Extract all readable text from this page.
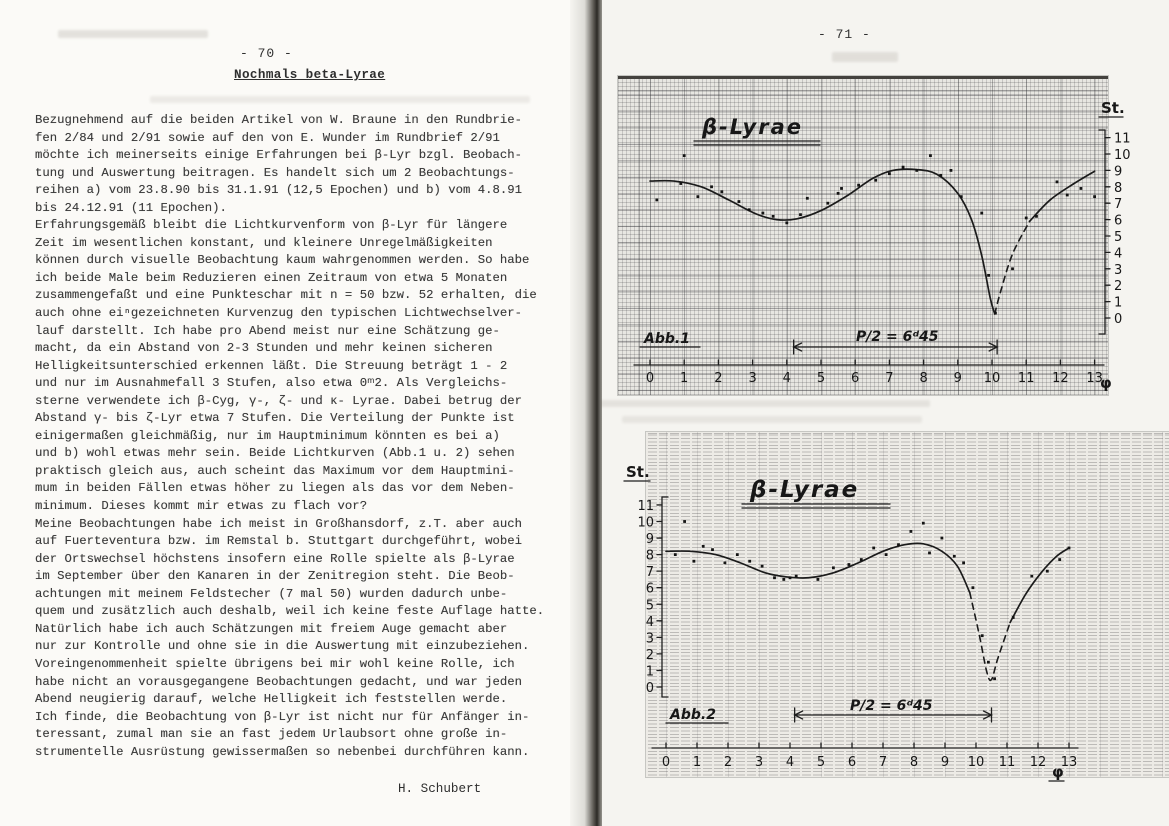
- 70 -
Nochmals beta-Lyrae
Bezugnehmend auf die beiden Artikel von W. Braune in den Rundbrie-
fen 2/84 und 2/91 sowie auf den von E. Wunder im Rundbrief 2/91
möchte ich meinerseits einige Erfahrungen bei β-Lyr bzgl. Beobach-
tung und Auswertung beitragen. Es handelt sich um 2 Beobachtungs-
reihen a) vom 23.8.90 bis 31.1.91 (12,5 Epochen) und b) vom 4.8.91
bis 24.12.91 (11 Epochen).
Erfahrungsgemäß bleibt die Lichtkurvenform von β-Lyr für längere
Zeit im wesentlichen konstant, und kleinere Unregelmäßigkeiten
können durch visuelle Beobachtung kaum wahrgenommen werden. So habe
ich beide Male beim Reduzieren einen Zeitraum von etwa 5 Monaten
zusammengefaßt und eine Punkteschar mit n = 50 bzw. 52 erhalten, die
auch ohne eiⁿgezeichneten Kurvenzug den typischen Lichtwechselver-
lauf darstellt. Ich habe pro Abend meist nur eine Schätzung ge-
macht, da ein Abstand von 2-3 Stunden und mehr keinen sicheren
Helligkeitsunterschied erkennen läßt. Die Streuung beträgt 1 - 2
und nur im Ausnahmefall 3 Stufen, also etwa 0ᵐ2. Als Vergleichs-
sterne verwendete ich β-Cyg, γ-, ζ- und κ- Lyrae. Dabei betrug der
Abstand γ- bis ζ-Lyr etwa 7 Stufen. Die Verteilung der Punkte ist
einigermaßen gleichmäßig, nur im Hauptminimum könnten es bei a)
und b) wohl etwas mehr sein. Beide Lichtkurven (Abb.1 u. 2) sehen
praktisch gleich aus, auch scheint das Maximum vor dem Hauptmini-
mum in beiden Fällen etwas höher zu liegen als das vor dem Neben-
minimum. Dieses kommt mir etwas zu flach vor?
Meine Beobachtungen habe ich meist in Großhansdorf, z.T. aber auch
auf Fuerteventura bzw. im Remstal b. Stuttgart durchgeführt, wobei
der Ortswechsel höchstens insofern eine Rolle spielte als β-Lyrae
im September über den Kanaren in der Zenitregion steht. Die Beob-
achtungen mit meinem Feldstecher (7 mal 50) wurden dadurch unbe-
quem und zusätzlich auch deshalb, weil ich keine feste Auflage hatte.
Natürlich habe ich auch Schätzungen mit freiem Auge gemacht aber
nur zur Kontrolle und ohne sie in die Auswertung mit einzubeziehen.
Voreingenommenheit spielte übrigens bei mir wohl keine Rolle, ich
habe nicht an vorausgegangene Beobachtungen gedacht, und war jeden
Abend neugierig darauf, welche Helligkeit ich feststellen werde.
Ich finde, die Beobachtung von β-Lyr ist nicht nur für Anfänger in-
teressant, zumal man sie an fast jedem Urlaubsort ohne große in-
strumentelle Ausrüstung gewissermaßen so nebenbei durchführen kann.
H. Schubert
- 71 -
0 1 2 3 4 5 6 7 8 9 10 11 12 13
φ
11
10
9
8
7
6
5
4
3
2
1
0
St.
β-Lyrae
Abb.1	P/2 = 6ᵈ45
0 1 2 3 4 5 6 7 8 9 10 11 12 13
φ
11
10
9
8
7
6
5
4
3
2
1
0
St.
β-Lyrae
Abb.2
P/2 = 6ᵈ45
